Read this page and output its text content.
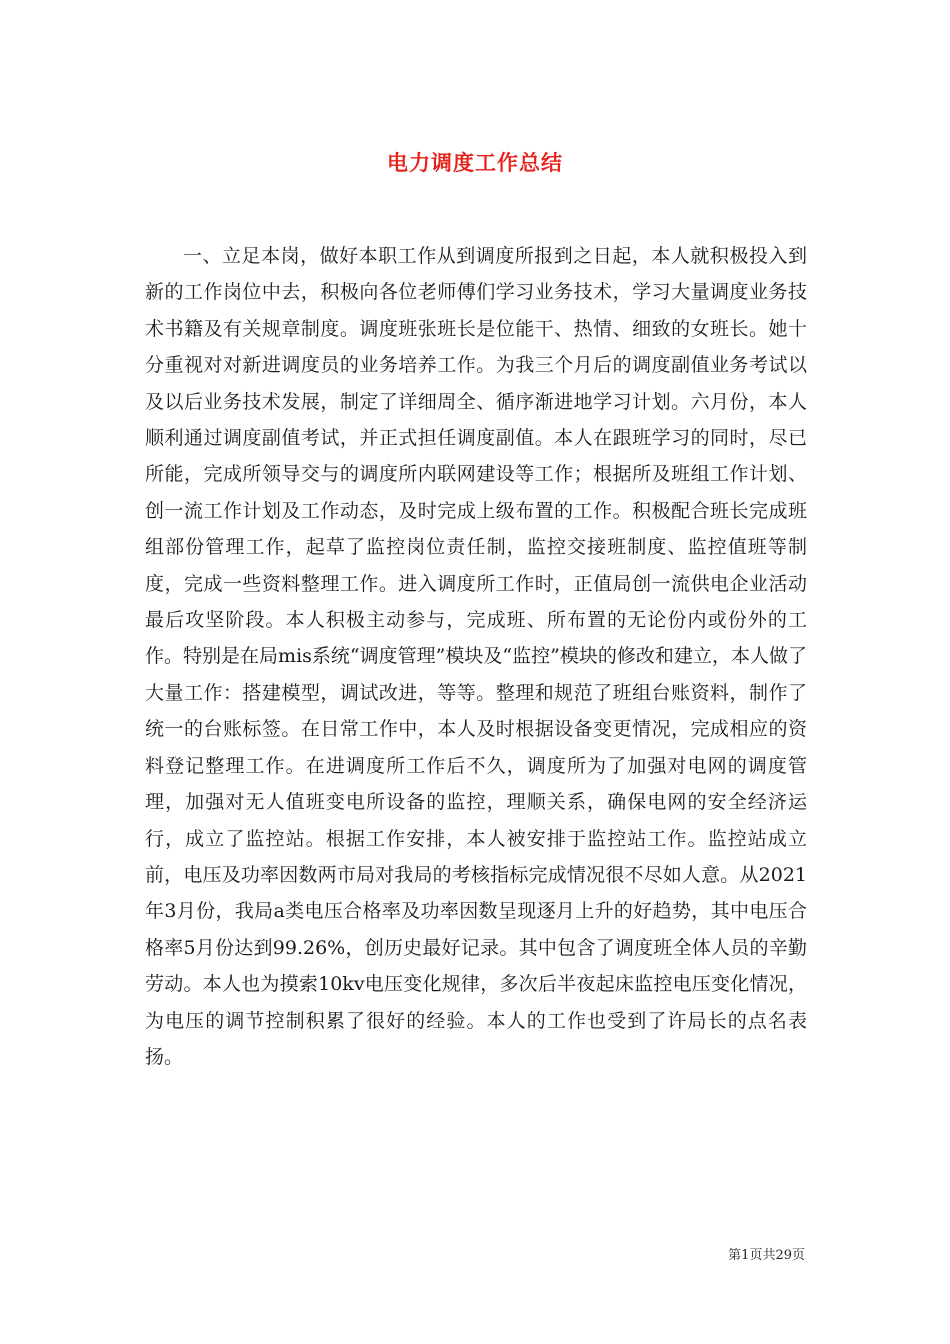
电力调度工作总结

一、立足本岗，做好本职工作从到调度所报到之日起，本人就积极投入到新的工作岗位中去，积极向各位老师傅们学习业务技术，学习大量调度业务技术书籍及有关规章制度。调度班张班长是位能干、热情、细致的女班长。她十分重视对对新进调度员的业务培养工作。为我三个月后的调度副值业务考试以及以后业务技术发展，制定了详细周全、循序渐进地学习计划。六月份，本人顺利通过调度副值考试，并正式担任调度副值。本人在跟班学习的同时，尽已所能，完成所领导交与的调度所内联网建设等工作；根据所及班组工作计划、创一流工作计划及工作动态，及时完成上级布置的工作。积极配合班长完成班组部份管理工作，起草了监控岗位责任制，监控交接班制度、监控值班等制度，完成一些资料整理工作。进入调度所工作时，正值局创一流供电企业活动最后攻坚阶段。本人积极主动参与，完成班、所布置的无论份内或份外的工作。特别是在局mis系统“调度管理”模块及“监控”模块的修改和建立，本人做了大量工作：搭建模型，调试改进，等等。整理和规范了班组台账资料，制作了统一的台账标签。在日常工作中，本人及时根据设备变更情况，完成相应的资料登记整理工作。在进调度所工作后不久，调度所为了加强对电网的调度管理，加强对无人值班变电所设备的监控，理顺关系，确保电网的安全经济运行，成立了监控站。根据工作安排，本人被安排于监控站工作。监控站成立前，电压及功率因数两市局对我局的考核指标完成情况很不尽如人意。从2021年3月份，我局a类电压合格率及功率因数呈现逐月上升的好趋势，其中电压合格率5月份达到99.26%，创历史最好记录。其中包含了调度班全体人员的辛勤劳动。本人也为摸索10kv电压变化规律，多次后半夜起床监控电压变化情况，为电压的调节控制积累了很好的经验。本人的工作也受到了许局长的点名表扬。

第1页共29页
